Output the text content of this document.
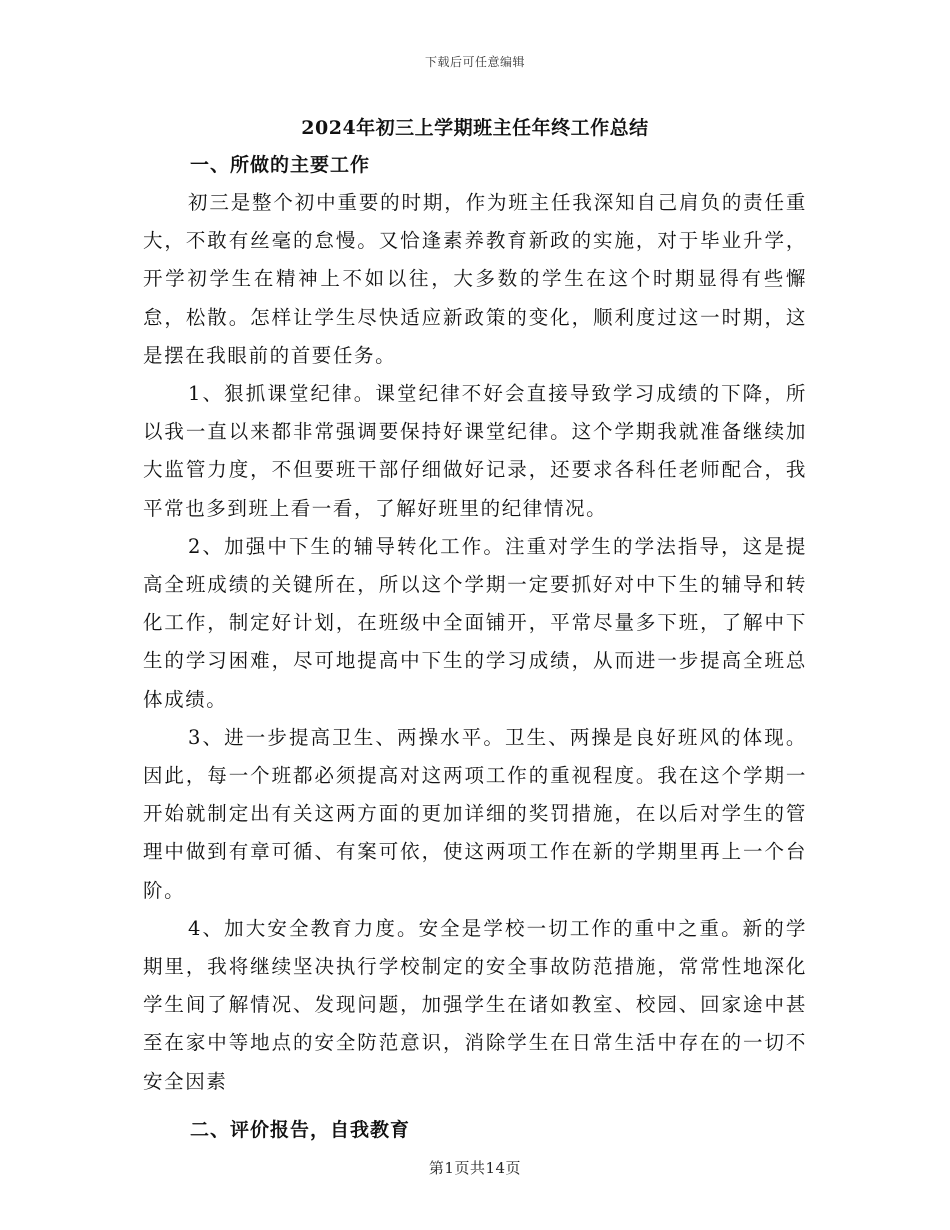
下载后可任意编辑
2024年初三上学期班主任年终工作总结
一、所做的主要工作

初三是整个初中重要的时期，作为班主任我深知自己肩负的责任重大，不敢有丝毫的怠慢。又恰逢素养教育新政的实施，对于毕业升学，开学初学生在精神上不如以往，大多数的学生在这个时期显得有些懈怠，松散。怎样让学生尽快适应新政策的变化，顺利度过这一时期，这是摆在我眼前的首要任务。

1、狠抓课堂纪律。课堂纪律不好会直接导致学习成绩的下降，所以我一直以来都非常强调要保持好课堂纪律。这个学期我就准备继续加大监管力度，不但要班干部仔细做好记录，还要求各科任老师配合，我平常也多到班上看一看，了解好班里的纪律情况。

2、加强中下生的辅导转化工作。注重对学生的学法指导，这是提高全班成绩的关键所在，所以这个学期一定要抓好对中下生的辅导和转化工作，制定好计划，在班级中全面铺开，平常尽量多下班，了解中下生的学习困难，尽可地提高中下生的学习成绩，从而进一步提高全班总体成绩。

3、进一步提高卫生、两操水平。卫生、两操是良好班风的体现。因此，每一个班都必须提高对这两项工作的重视程度。我在这个学期一开始就制定出有关这两方面的更加详细的奖罚措施，在以后对学生的管理中做到有章可循、有案可依，使这两项工作在新的学期里再上一个台阶。

4、加大安全教育力度。安全是学校一切工作的重中之重。新的学期里，我将继续坚决执行学校制定的安全事故防范措施，常常性地深化学生间了解情况、发现问题，加强学生在诸如教室、校园、回家途中甚至在家中等地点的安全防范意识，消除学生在日常生活中存在的一切不安全因素

二、评价报告，自我教育
第1页共14页
